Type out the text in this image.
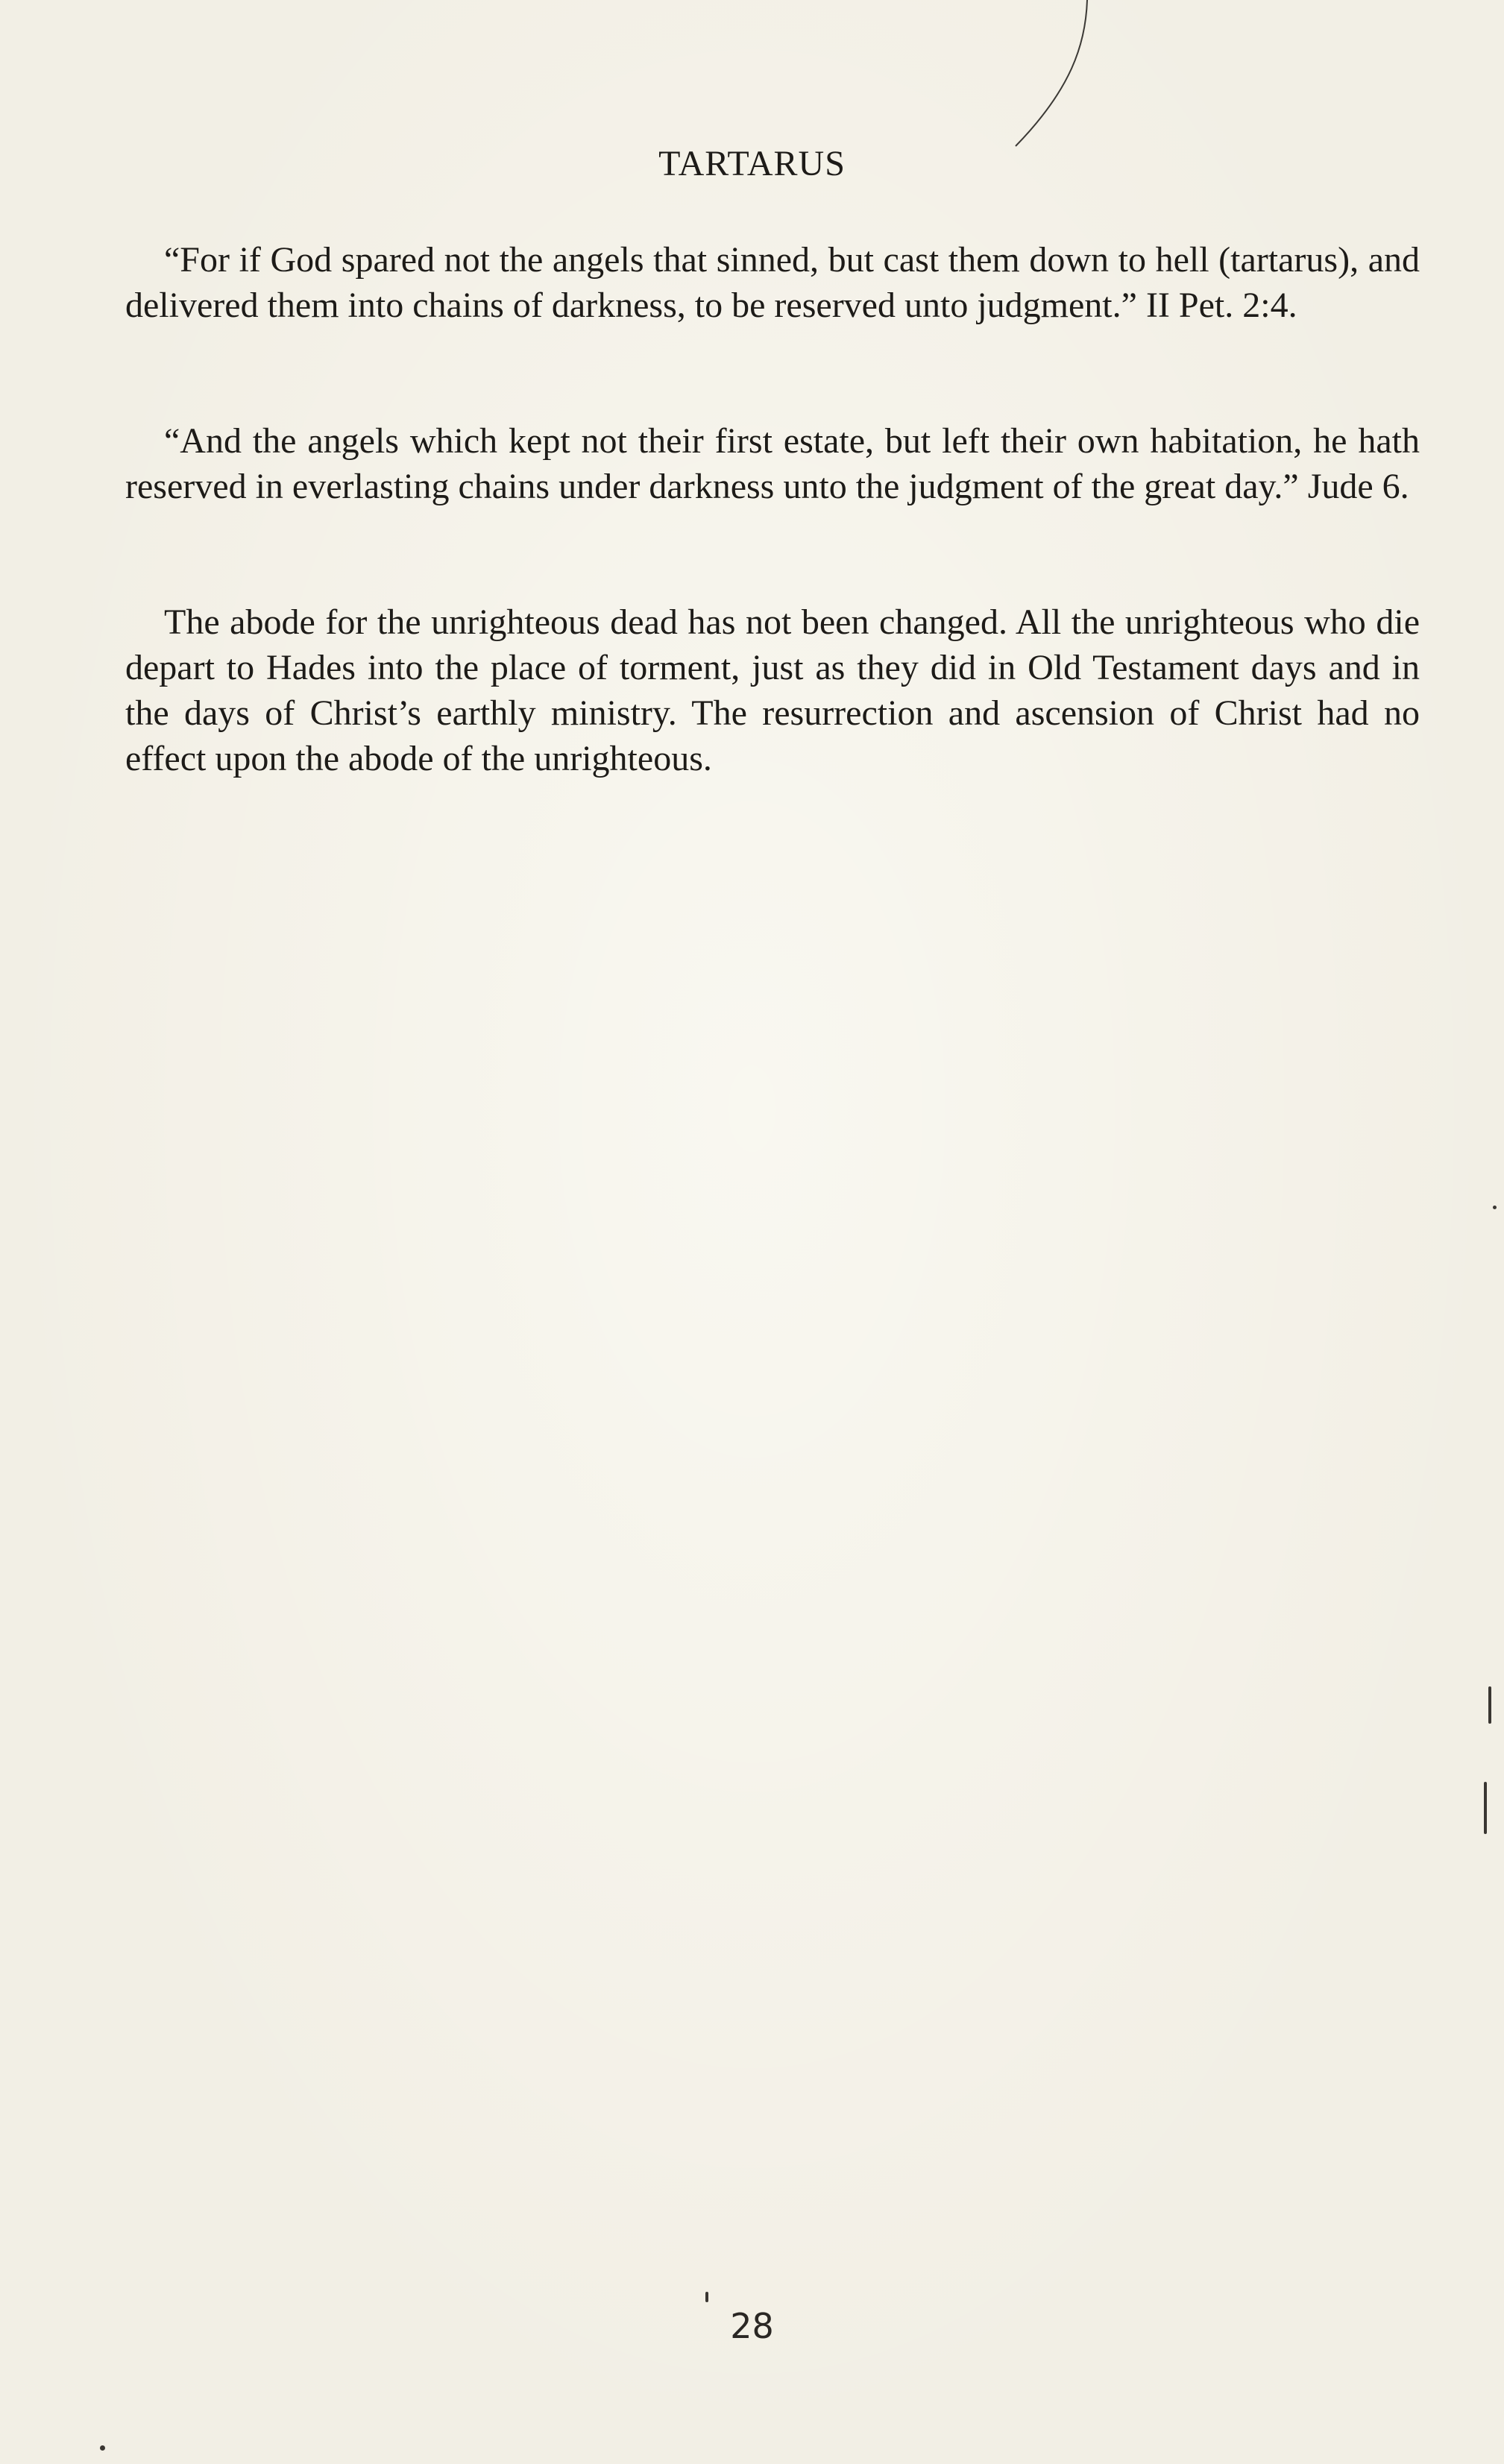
TARTARUS

“For if God spared not the angels that sinned, but cast them down to hell (tartarus), and delivered them into chains of darkness, to be reserved unto judgment.” II Pet. 2:4.

“And the angels which kept not their first estate, but left their own habitation, he hath reserved in everlasting chains under darkness unto the judgment of the great day.” Jude 6.

The abode for the unrighteous dead has not been changed. All the unrighteous who die depart to Hades into the place of torment, just as they did in Old Testament days and in the days of Christ’s earthly ministry. The resurrection and ascension of Christ had no effect upon the abode of the unrighteous.

28
